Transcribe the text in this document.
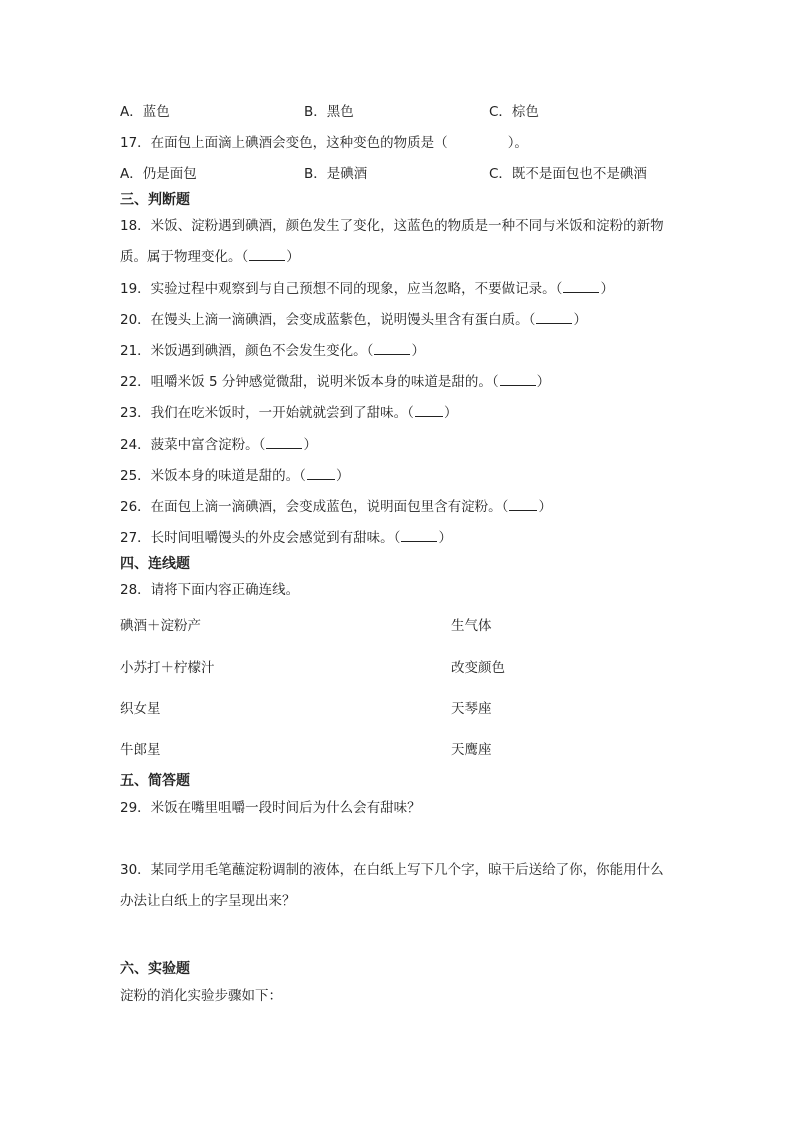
A．蓝色	B．黑色	C．棕色
17．在面包上面滴上碘酒会变色，这种变色的物质是（	）。
A．仍是面包	B．是碘酒	C．既不是面包也不是碘酒
三、判断题
18．米饭、淀粉遇到碘酒，颜色发生了变化，这蓝色的物质是一种不同与米饭和淀粉的新物
质。属于物理变化。（	）
19．实验过程中观察到与自己预想不同的现象，应当忽略，不要做记录。（	）
20．在馒头上滴一滴碘酒，会变成蓝紫色，说明馒头里含有蛋白质。（	）
21．米饭遇到碘酒，颜色不会发生变化。（	）
22．咀嚼米饭 5 分钟感觉微甜，说明米饭本身的味道是甜的。（	）
23．我们在吃米饭时，一开始就就尝到了甜味。（ ）
24．菠菜中富含淀粉。（	）
25．米饭本身的味道是甜的。（ ）
26．在面包上滴一滴碘酒，会变成蓝色，说明面包里含有淀粉。（ ）
27．长时间咀嚼馒头的外皮会感觉到有甜味。（	）
四、连线题
28．请将下面内容正确连线。
碘酒＋淀粉产	生气体
小苏打＋柠檬汁	改变颜色
织女星	天琴座
牛郎星	天鹰座
五、简答题
29．米饭在嘴里咀嚼一段时间后为什么会有甜味？
30．某同学用毛笔蘸淀粉调制的液体，在白纸上写下几个字，晾干后送给了你，你能用什么
办法让白纸上的字呈现出来？
六、实验题
淀粉的消化实验步骤如下：
